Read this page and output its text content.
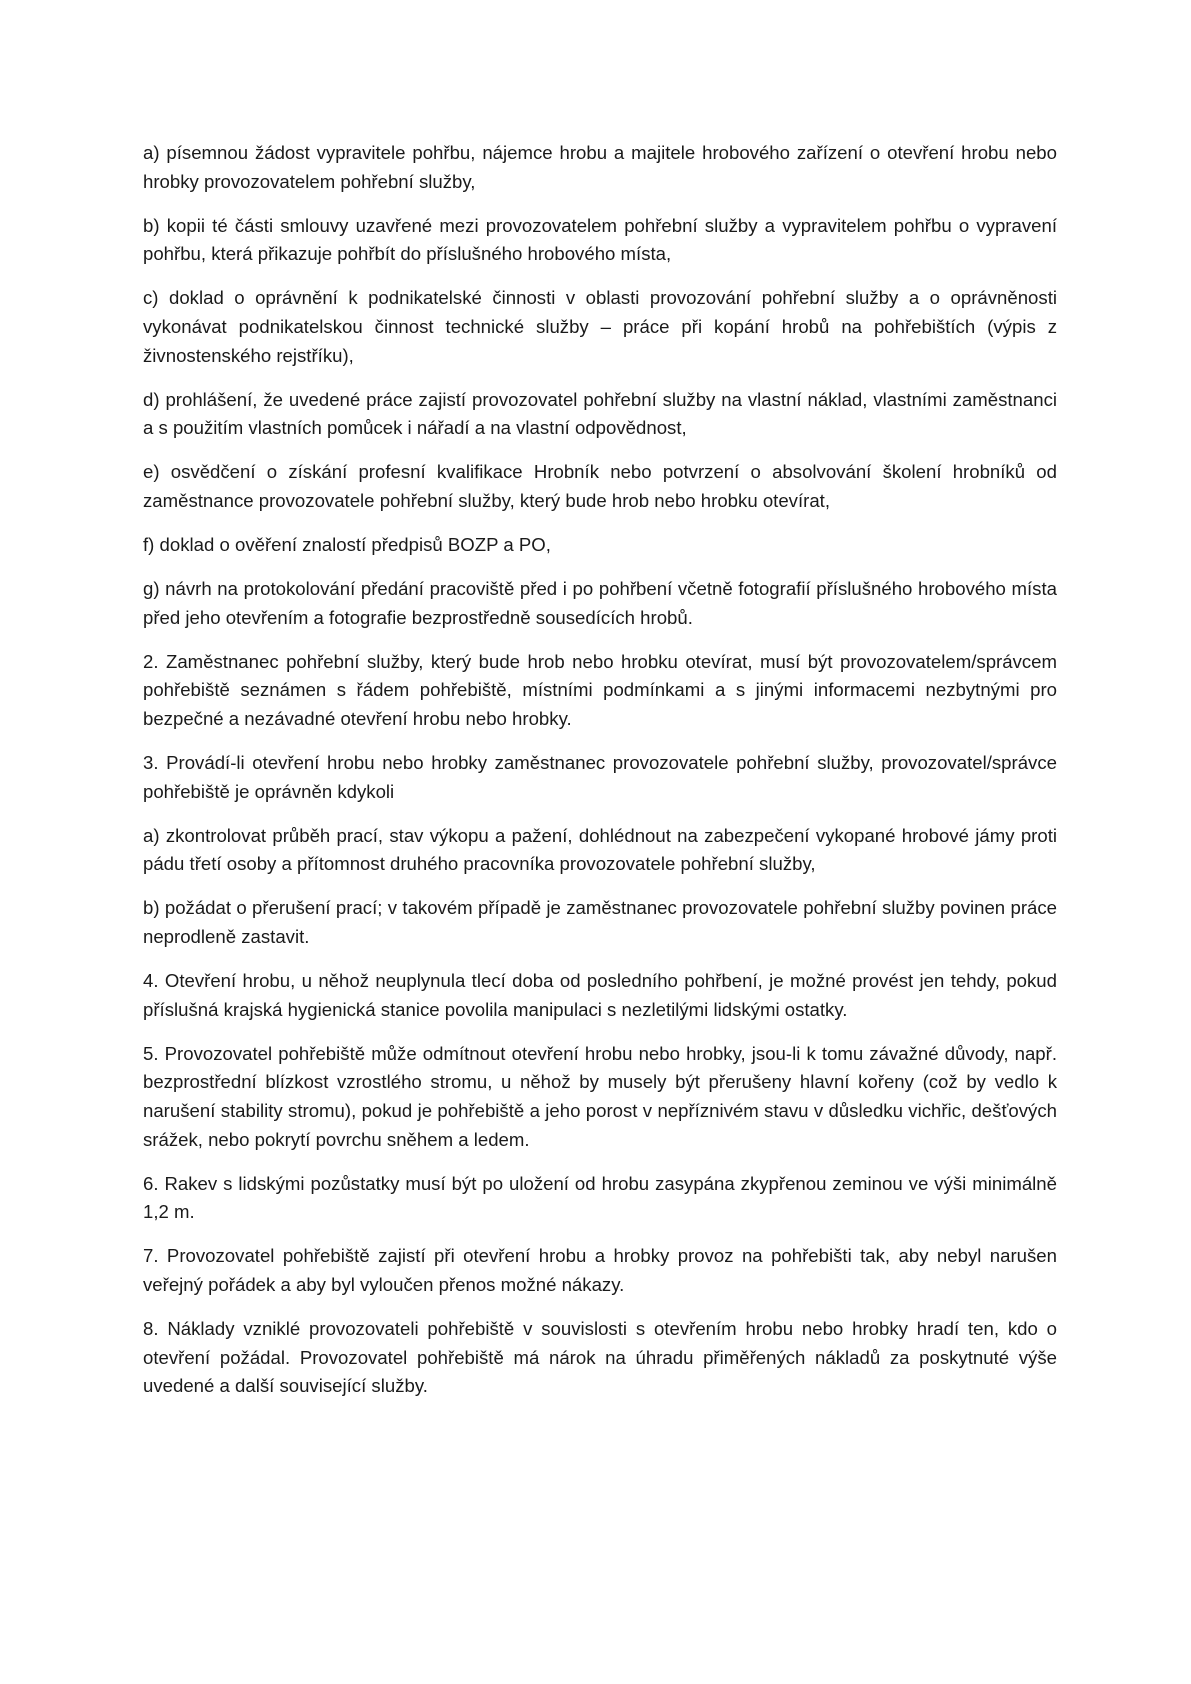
a) písemnou žádost vypravitele pohřbu, nájemce hrobu a majitele hrobového zařízení o otevření hrobu nebo hrobky provozovatelem pohřební služby,

b) kopii té části smlouvy uzavřené mezi provozovatelem pohřební služby a vypravitelem pohřbu o vypravení pohřbu, která přikazuje pohřbít do příslušného hrobového místa,

c) doklad o oprávnění k podnikatelské činnosti v oblasti provozování pohřební služby a o oprávněnosti vykonávat podnikatelskou činnost technické služby – práce při kopání hrobů na pohřebištích (výpis z živnostenského rejstříku),

d) prohlášení, že uvedené práce zajistí provozovatel pohřební služby na vlastní náklad, vlastními zaměstnanci a s použitím vlastních pomůcek i nářadí a na vlastní odpovědnost,

e) osvědčení o získání profesní kvalifikace Hrobník nebo potvrzení o absolvování školení hrobníků od zaměstnance provozovatele pohřební služby, který bude hrob nebo hrobku otevírat,

f) doklad o ověření znalostí předpisů BOZP a PO,

g) návrh na protokolování předání pracoviště před i po pohřbení včetně fotografií příslušného hrobového místa před jeho otevřením a fotografie bezprostředně sousedících hrobů.

2. Zaměstnanec pohřební služby, který bude hrob nebo hrobku otevírat, musí být provozovatelem/správcem pohřebiště seznámen s řádem pohřebiště, místními podmínkami a s jinými informacemi nezbytnými pro bezpečné a nezávadné otevření hrobu nebo hrobky.

3. Provádí-li otevření hrobu nebo hrobky zaměstnanec provozovatele pohřební služby, provozovatel/správce pohřebiště je oprávněn kdykoli

a) zkontrolovat průběh prací, stav výkopu a pažení, dohlédnout na zabezpečení vykopané hrobové jámy proti pádu třetí osoby a přítomnost druhého pracovníka provozovatele pohřební služby,

b) požádat o přerušení prací; v takovém případě je zaměstnanec provozovatele pohřební služby povinen práce neprodleně zastavit.

4. Otevření hrobu, u něhož neuplynula tlecí doba od posledního pohřbení, je možné provést jen tehdy, pokud příslušná krajská hygienická stanice povolila manipulaci s nezletilými lidskými ostatky.

5. Provozovatel pohřebiště může odmítnout otevření hrobu nebo hrobky, jsou-li k tomu závažné důvody, např. bezprostřední blízkost vzrostlého stromu, u něhož by musely být přerušeny hlavní kořeny (což by vedlo k narušení stability stromu), pokud je pohřebiště a jeho porost v nepříznivém stavu v důsledku vichřic, dešťových srážek, nebo pokrytí povrchu sněhem a ledem.

6. Rakev s lidskými pozůstatky musí být po uložení od hrobu zasypána zkypřenou zeminou ve výši minimálně 1,2 m.

7. Provozovatel pohřebiště zajistí při otevření hrobu a hrobky provoz na pohřebišti tak, aby nebyl narušen veřejný pořádek a aby byl vyloučen přenos možné nákazy.

8. Náklady vzniklé provozovateli pohřebiště v souvislosti s otevřením hrobu nebo hrobky hradí ten, kdo o otevření požádal. Provozovatel pohřebiště má nárok na úhradu přiměřených nákladů za poskytnuté výše uvedené a další související služby.
